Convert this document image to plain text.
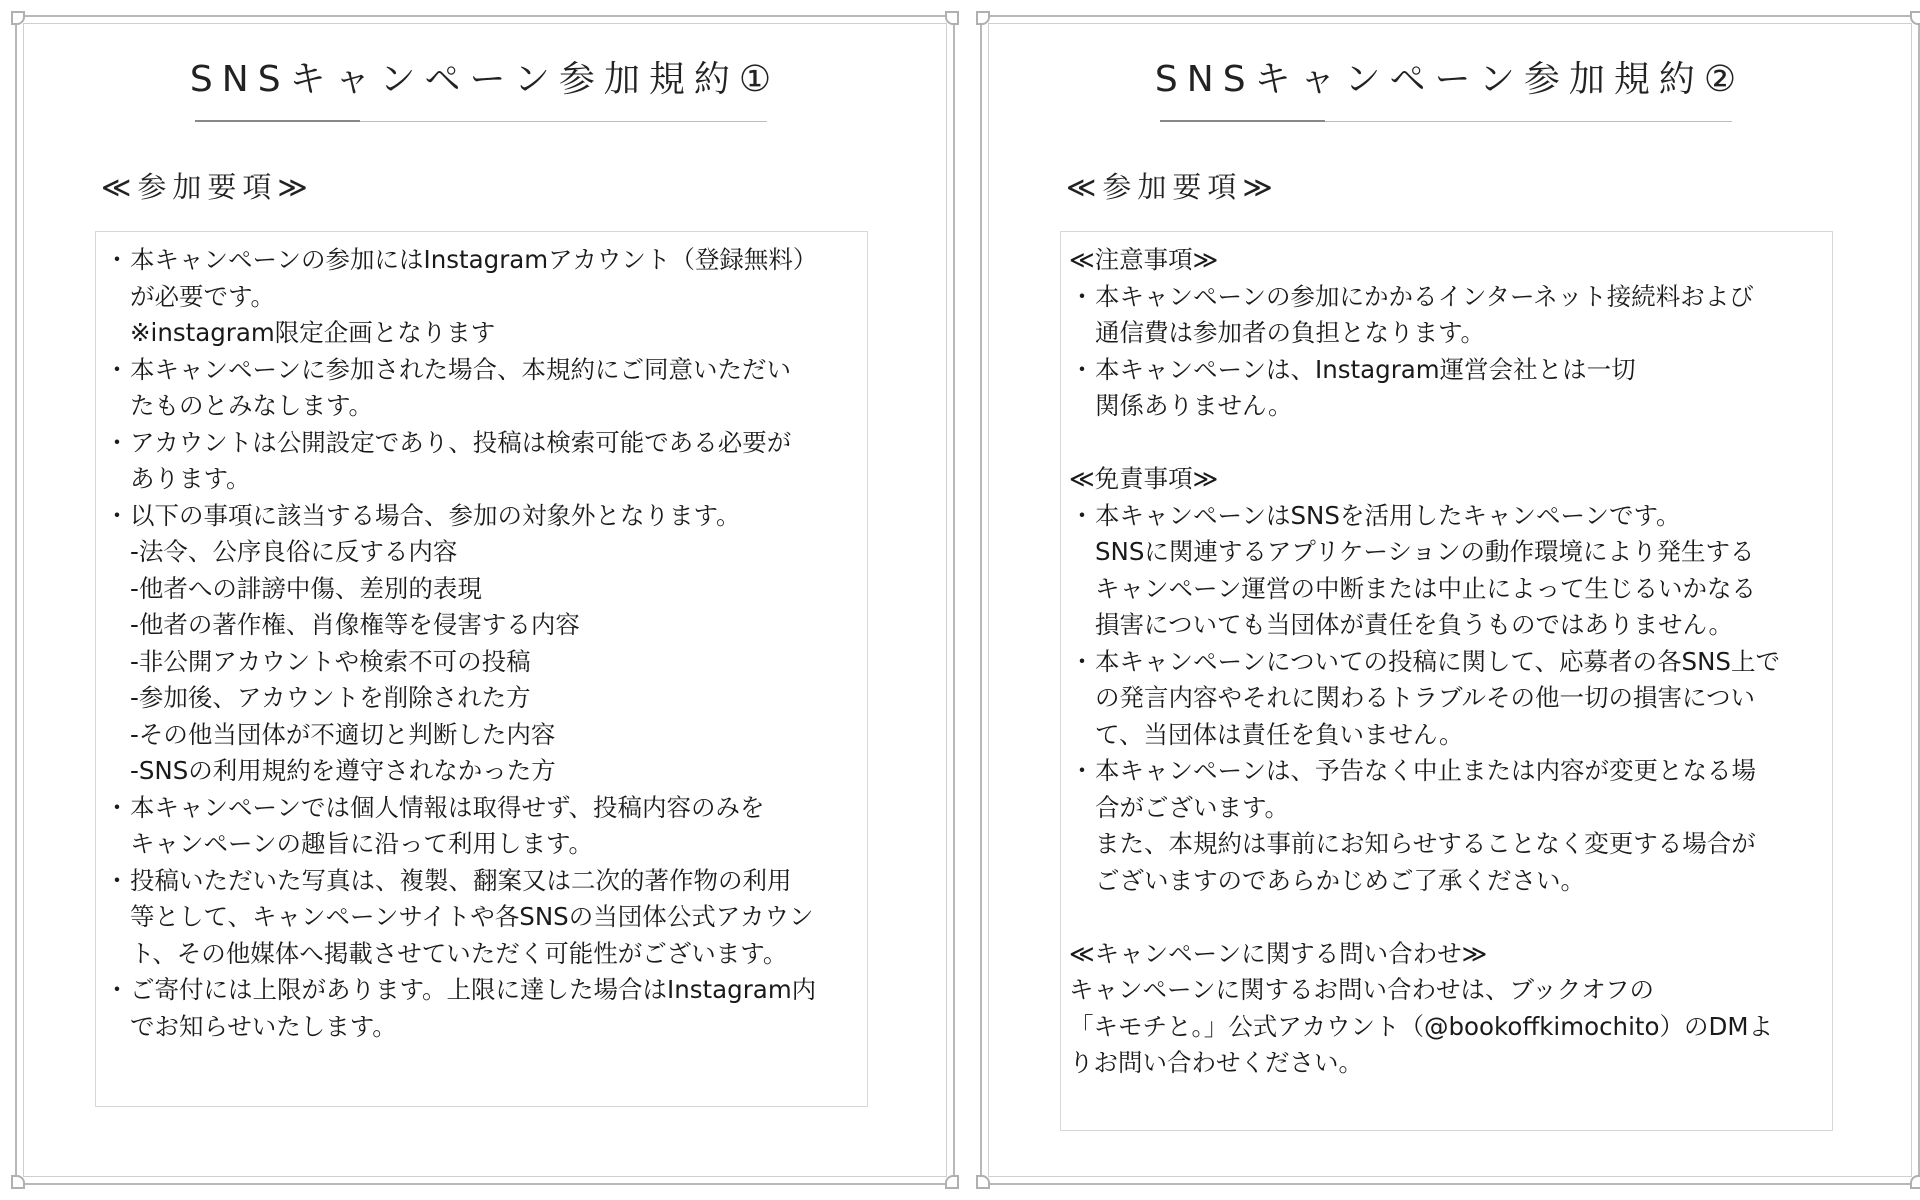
SNSキャンペーン参加規約①
≪参加要項≫
・ 本キャンペーンの参加にはInstagramアカウント（登録無料）
が必要です。
※instagram限定企画となります
・ 本キャンペーンに参加された場合、本規約にご同意いただい
たものとみなします。
・ アカウントは公開設定であり、投稿は検索可能である必要が
あります。
・ 以下の事項に該当する場合、参加の対象外となります。
-法令、公序良俗に反する内容
-他者への誹謗中傷、差別的表現
-他者の著作権、肖像権等を侵害する内容
-非公開アカウントや検索不可の投稿
-参加後、アカウントを削除された方
-その他当団体が不適切と判断した内容
-SNSの利用規約を遵守されなかった方
・ 本キャンペーンでは個人情報は取得せず、投稿内容のみを
キャンペーンの趣旨に沿って利用します。
・ 投稿いただいた写真は、複製、翻案又は二次的著作物の利用
等として、キャンペーンサイトや各SNSの当団体公式アカウン
ト、その他媒体へ掲載させていただく可能性がございます。
・ ご寄付には上限があります。上限に達した場合はInstagram内
でお知らせいたします。
SNSキャンペーン参加規約②
≪参加要項≫
≪注意事項≫
・ 本キャンペーンの参加にかかるインターネット接続料および
通信費は参加者の負担となります。
・ 本キャンペーンは、Instagram運営会社とは一切
関係ありません。
≪免責事項≫
・ 本キャンペーンはSNSを活用したキャンペーンです。
SNSに関連するアプリケーションの動作環境により発生する
キャンペーン運営の中断または中止によって生じるいかなる
損害についても当団体が責任を負うものではありません。
・ 本キャンペーンについての投稿に関して、応募者の各SNS上で
の発言内容やそれに関わるトラブルその他一切の損害につい
て、当団体は責任を負いません。
・ 本キャンペーンは、予告なく中止または内容が変更となる場
合がございます。
また、本規約は事前にお知らせすることなく変更する場合が
ございますのであらかじめご了承ください。
≪キャンペーンに関する問い合わせ≫
キャンペーンに関するお問い合わせは、ブックオフの
「キモチと。」公式アカウント（@bookoffkimochito）のDMよ
りお問い合わせください。
